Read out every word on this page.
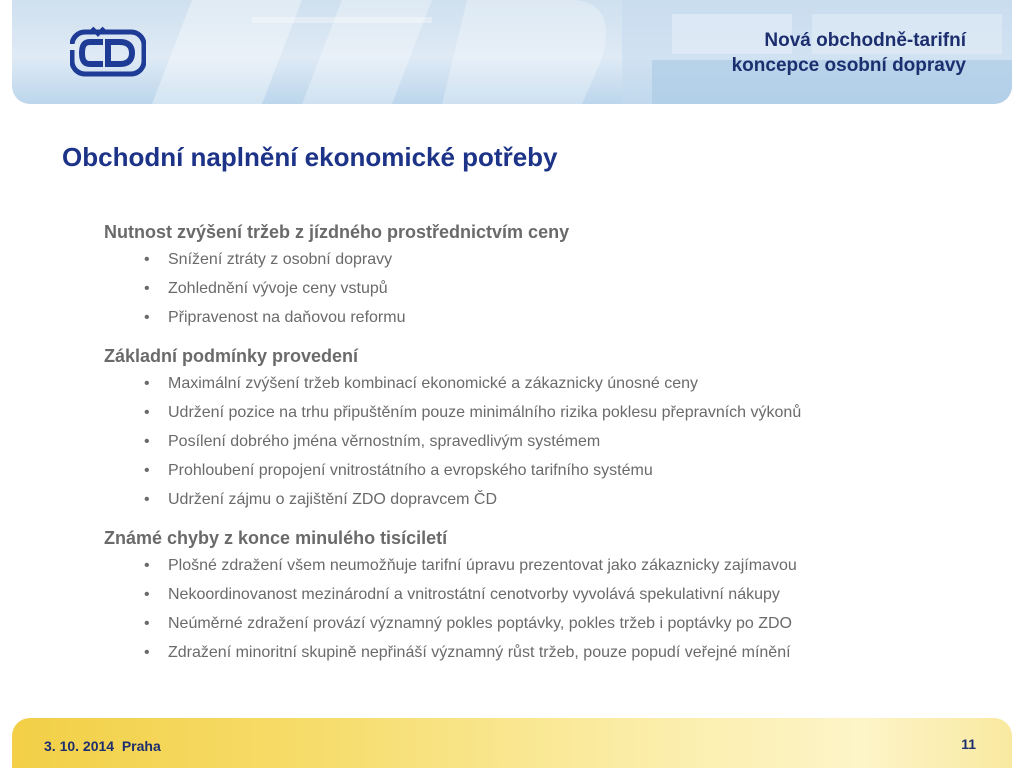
Nová obchodně-tarifní
koncepce osobní dopravy
Obchodní naplnění ekonomické potřeby
Nutnost zvýšení tržeb z jízdného prostřednictvím ceny
• Snížení ztráty z osobní dopravy
• Zohlednění vývoje ceny vstupů
• Připravenost na daňovou reformu
Základní podmínky provedení
• Maximální zvýšení tržeb kombinací ekonomické a zákaznicky únosné ceny
• Udržení pozice na trhu připuštěním pouze minimálního rizika poklesu přepravních výkonů
• Posílení dobrého jména věrnostním, spravedlivým systémem
• Prohloubení propojení vnitrostátního a evropského tarifního systému
• Udržení zájmu o zajištění ZDO dopravcem ČD
Známé chyby z konce minulého tisíciletí
• Plošné zdražení všem neumožňuje tarifní úpravu prezentovat jako zákaznicky zajímavou
• Nekoordinovanost mezinárodní a vnitrostátní cenotvorby vyvolává spekulativní nákupy
• Neúměrné zdražení provází významný pokles poptávky, pokles tržeb i poptávky po ZDO
• Zdražení minoritní skupině nepřináší významný růst tržeb, pouze popudí veřejné mínění
3. 10. 2014  Praha	11
